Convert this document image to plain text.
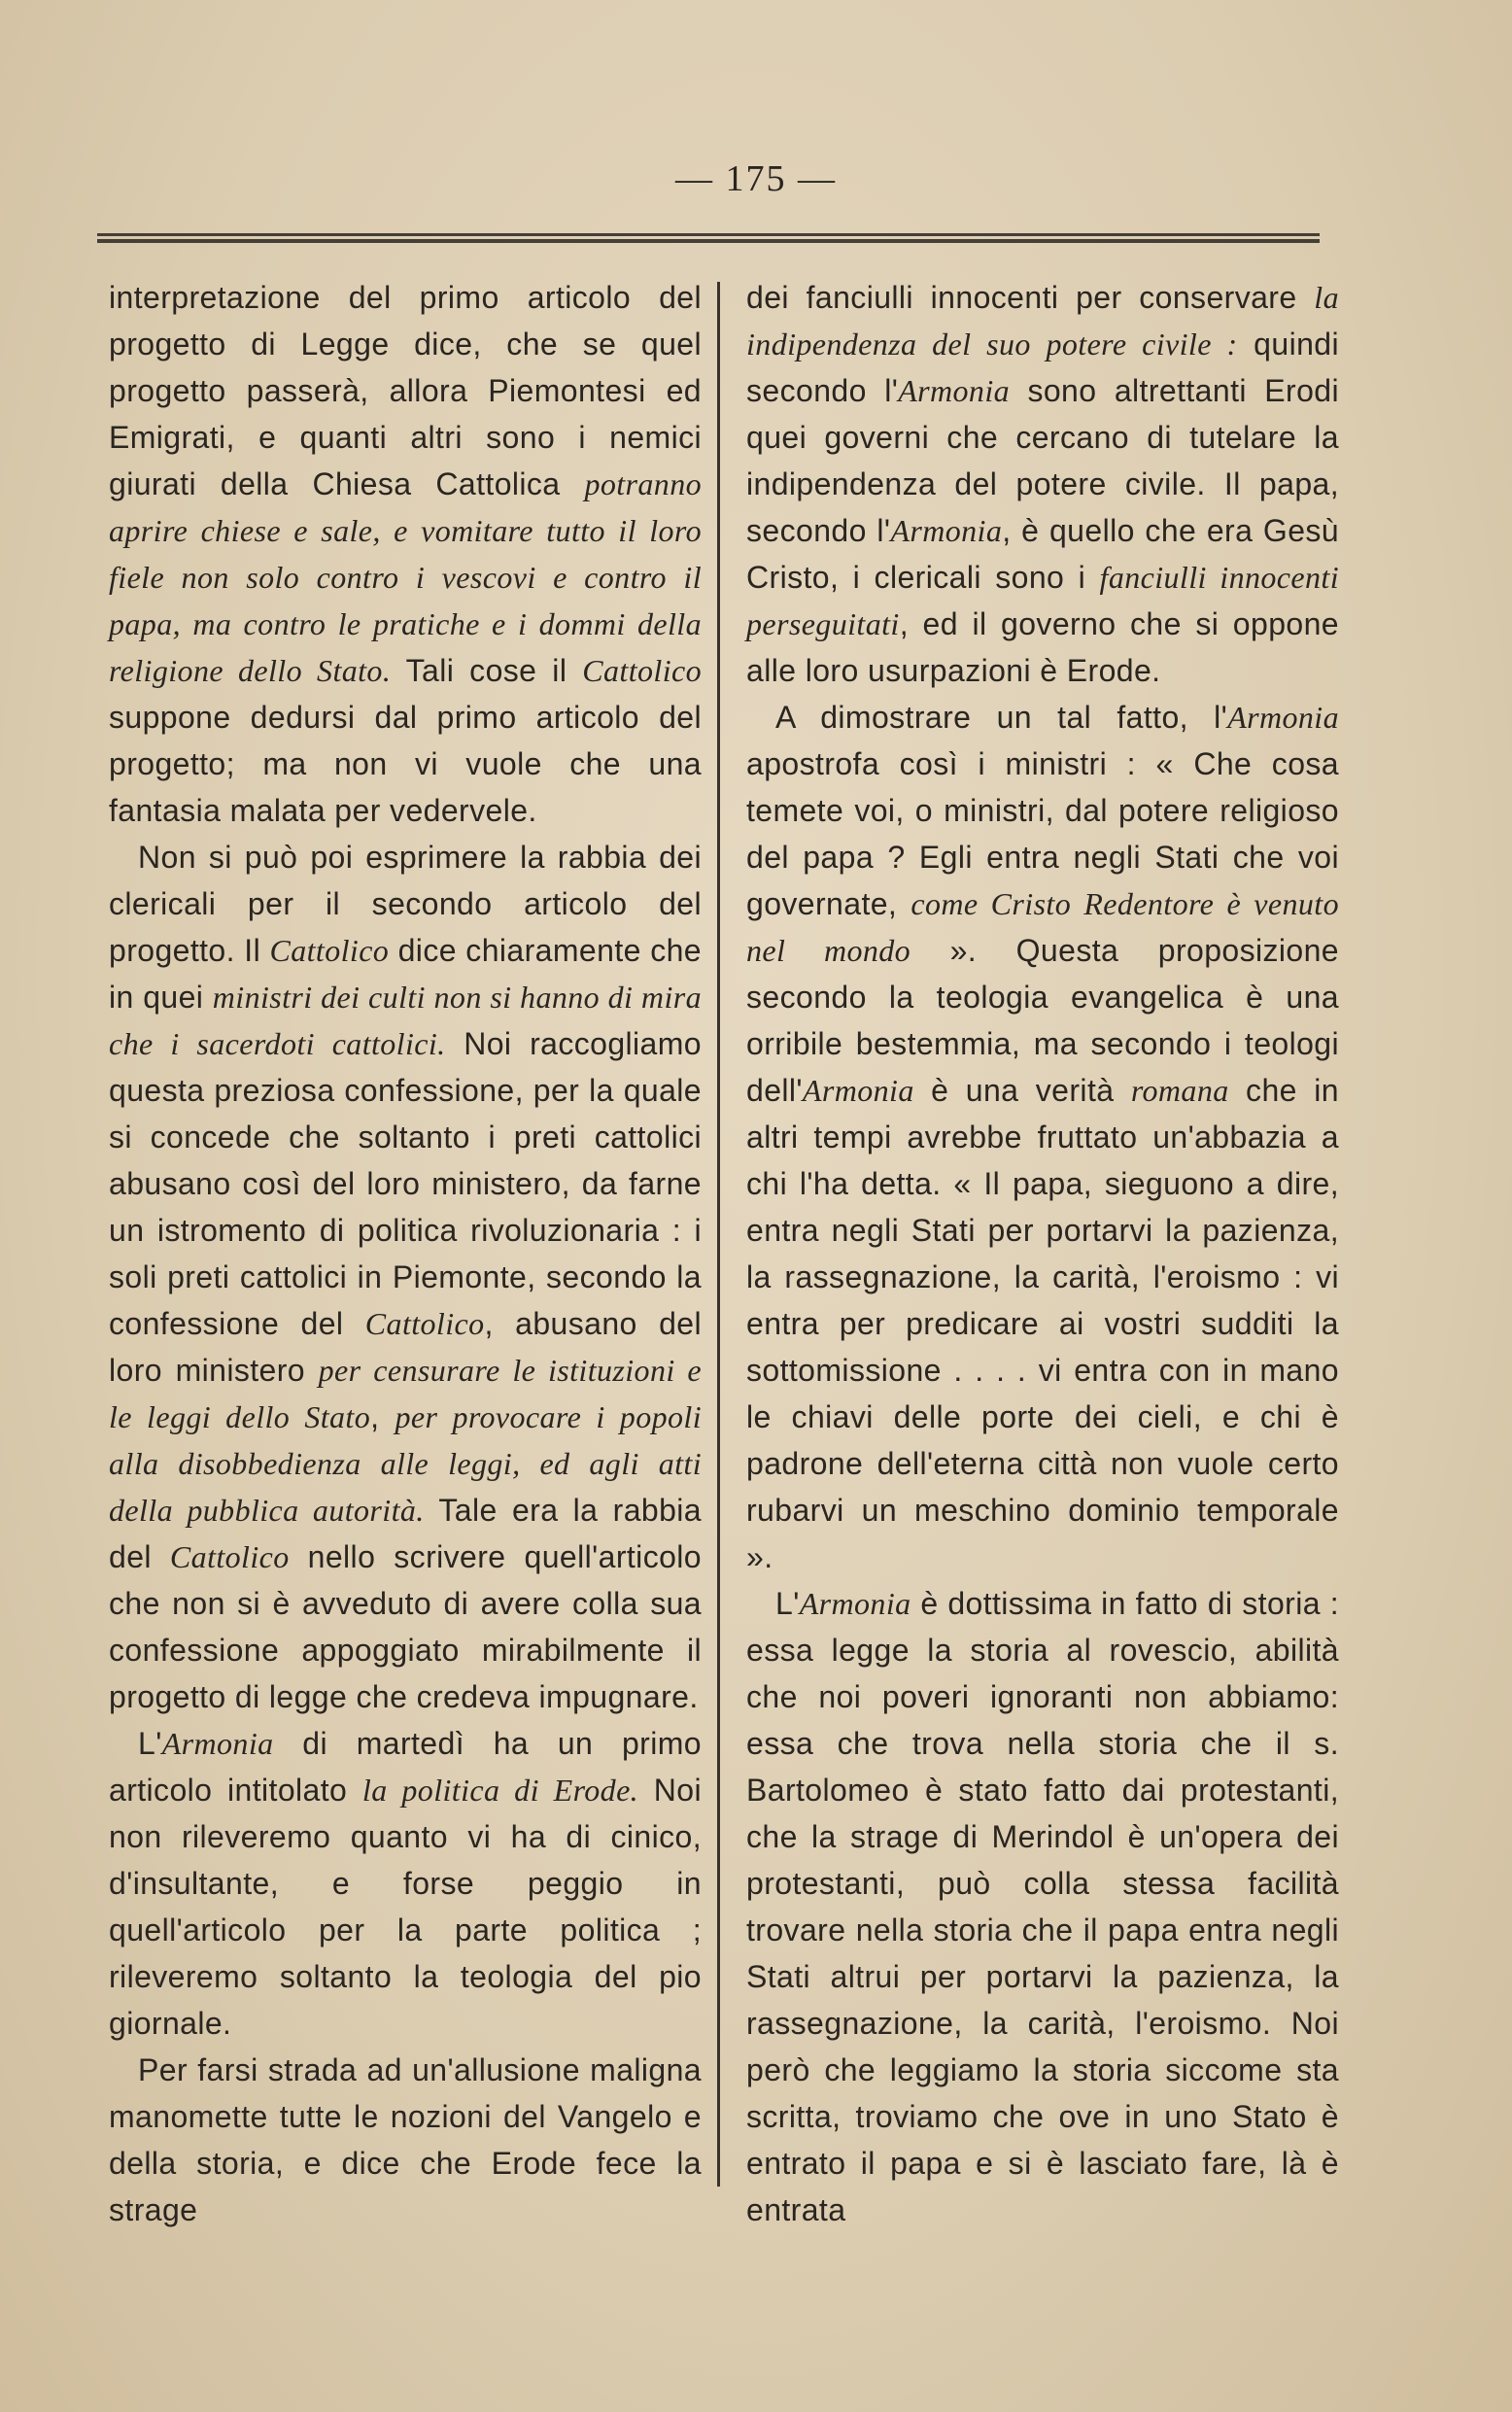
— 175 —

interpretazione del primo articolo del progetto di Legge dice, che se quel progetto passerà, allora Piemontesi ed Emigrati, e quanti altri sono i nemici giurati della Chiesa Cattolica potranno aprire chiese e sale, e vomitare tutto il loro fiele non solo contro i vescovi e contro il papa, ma contro le pratiche e i dommi della religione dello Stato. Tali cose il Cattolico suppone dedursi dal primo articolo del progetto; ma non vi vuole che una fantasia malata per vedervele.

Non si può poi esprimere la rabbia dei clericali per il secondo articolo del progetto. Il Cattolico dice chiaramente che in quei ministri dei culti non si hanno di mira che i sacerdoti cattolici. Noi raccogliamo questa preziosa confessione, per la quale si concede che soltanto i preti cattolici abusano così del loro ministero, da farne un istromento di politica rivoluzionaria : i soli preti cattolici in Piemonte, secondo la confessione del Cattolico, abusano del loro ministero per censurare le istituzioni e le leggi dello Stato, per provocare i popoli alla disobbedienza alle leggi, ed agli atti della pubblica autorità. Tale era la rabbia del Cattolico nello scrivere quell'articolo che non si è avveduto di avere colla sua confessione appoggiato mirabilmente il progetto di legge che credeva impugnare.

L'Armonia di martedì ha un primo articolo intitolato la politica di Erode. Noi non rileveremo quanto vi ha di cinico, d'insultante, e forse peggio in quell'articolo per la parte politica ; rileveremo soltanto la teologia del pio giornale.

Per farsi strada ad un'allusione maligna manomette tutte le nozioni del Vangelo e della storia, e dice che Erode fece la strage

dei fanciulli innocenti per conservare la indipendenza del suo potere civile : quindi secondo l'Armonia sono altrettanti Erodi quei governi che cercano di tutelare la indipendenza del potere civile. Il papa, secondo l'Armonia, è quello che era Gesù Cristo, i clericali sono i fanciulli innocenti perseguitati, ed il governo che si oppone alle loro usurpazioni è Erode.

A dimostrare un tal fatto, l'Armonia apostrofa così i ministri : « Che cosa temete voi, o ministri, dal potere religioso del papa ? Egli entra negli Stati che voi governate, come Cristo Redentore è venuto nel mondo ». Questa proposizione secondo la teologia evangelica è una orribile bestemmia, ma secondo i teologi dell'Armonia è una verità romana che in altri tempi avrebbe fruttato un'abbazia a chi l'ha detta. « Il papa, sieguono a dire, entra negli Stati per portarvi la pazienza, la rassegnazione, la carità, l'eroismo : vi entra per predicare ai vostri sudditi la sottomissione . . . . vi entra con in mano le chiavi delle porte dei cieli, e chi è padrone dell'eterna città non vuole certo rubarvi un meschino dominio temporale ».

L'Armonia è dottissima in fatto di storia : essa legge la storia al rovescio, abilità che noi poveri ignoranti non abbiamo: essa che trova nella storia che il s. Bartolomeo è stato fatto dai protestanti, che la strage di Merindol è un'opera dei protestanti, può colla stessa facilità trovare nella storia che il papa entra negli Stati altrui per portarvi la pazienza, la rassegnazione, la carità, l'eroismo. Noi però che leggiamo la storia siccome sta scritta, troviamo che ove in uno Stato è entrato il papa e si è lasciato fare, là è entrata
